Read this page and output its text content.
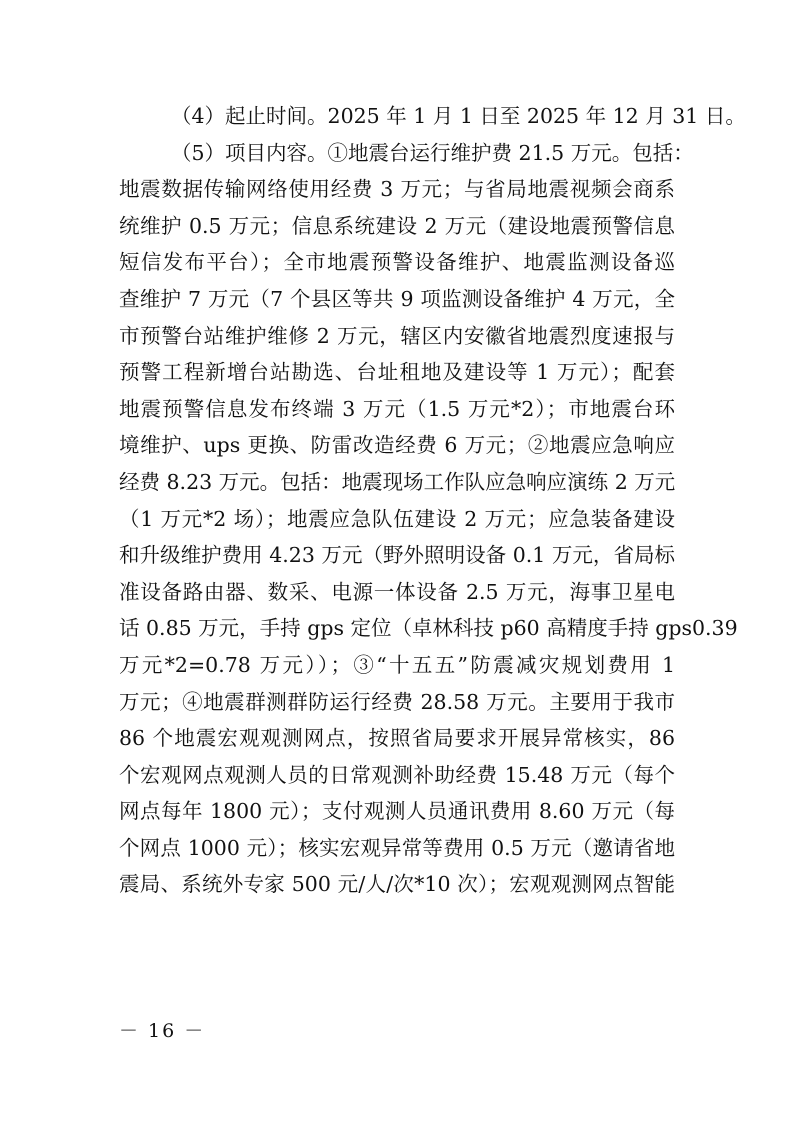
（4）起止时间。2025 年 1 月 1 日至 2025 年 12 月 31 日。
（5）项目内容。①地震台运行维护费 21.5 万元。包括：
地震数据传输网络使用经费 3 万元；与省局地震视频会商系
统维护 0.5 万元；信息系统建设 2 万元（建设地震预警信息
短信发布平台）；全市地震预警设备维护、地震监测设备巡
查维护 7 万元（7 个县区等共 9 项监测设备维护 4 万元，全
市预警台站维护维修 2 万元，辖区内安徽省地震烈度速报与
预警工程新增台站勘选、台址租地及建设等 1 万元）；配套
地震预警信息发布终端 3 万元（1.5 万元*2）；市地震台环
境维护、ups 更换、防雷改造经费 6 万元；②地震应急响应
经费 8.23 万元。包括：地震现场工作队应急响应演练 2 万元
（1 万元*2 场）；地震应急队伍建设 2 万元；应急装备建设
和升级维护费用 4.23 万元（野外照明设备 0.1 万元，省局标
准设备路由器、数采、电源一体设备 2.5 万元，海事卫星电
话 0.85 万元，手持 gps 定位（卓林科技 p60 高精度手持 gps0.39
万元*2=0.78 万元））；③“十五五”防震减灾规划费用 1
万元；④地震群测群防运行经费 28.58 万元。主要用于我市
86 个地震宏观观测网点，按照省局要求开展异常核实，86
个宏观网点观测人员的日常观测补助经费 15.48 万元（每个
网点每年 1800 元）；支付观测人员通讯费用 8.60 万元（每
个网点 1000 元）；核实宏观异常等费用 0.5 万元（邀请省地
震局、系统外专家 500 元/人/次*10 次）；宏观观测网点智能
－ 16 －
